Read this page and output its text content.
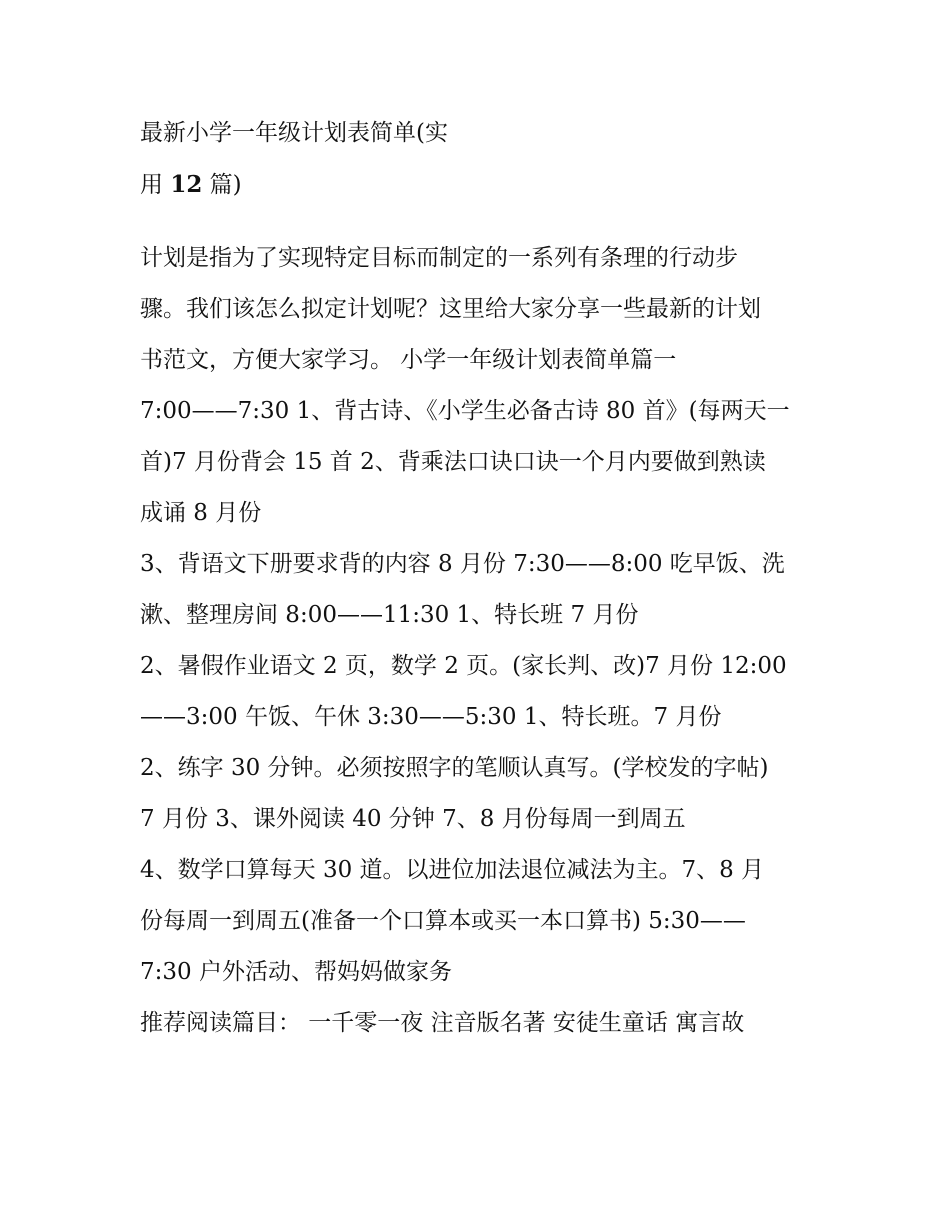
最新小学一年级计划表简单(实
用 12 篇)
计划是指为了实现特定目标而制定的一系列有条理的行动步
骤。我们该怎么拟定计划呢？这里给大家分享一些最新的计划
书范文，方便大家学习。 小学一年级计划表简单篇一
7:00——7:30 1、背古诗、《小学生必备古诗 80 首》(每两天一
首)7 月份背会 15 首 2、背乘法口诀口诀一个月内要做到熟读
成诵 8 月份
3、背语文下册要求背的内容 8 月份 7:30——8:00 吃早饭、洗
漱、整理房间 8:00——11:30 1、特长班 7 月份
2、暑假作业语文 2 页，数学 2 页。(家长判、改)7 月份 12:00
——3:00 午饭、午休 3:30——5:30 1、特长班。7 月份
2、练字 30 分钟。必须按照字的笔顺认真写。(学校发的字帖)
7 月份 3、课外阅读 40 分钟 7、8 月份每周一到周五
4、数学口算每天 30 道。以进位加法退位减法为主。7、8 月
份每周一到周五(准备一个口算本或买一本口算书) 5:30——
7:30 户外活动、帮妈妈做家务
推荐阅读篇目： 一千零一夜 注音版名著 安徒生童话 寓言故
